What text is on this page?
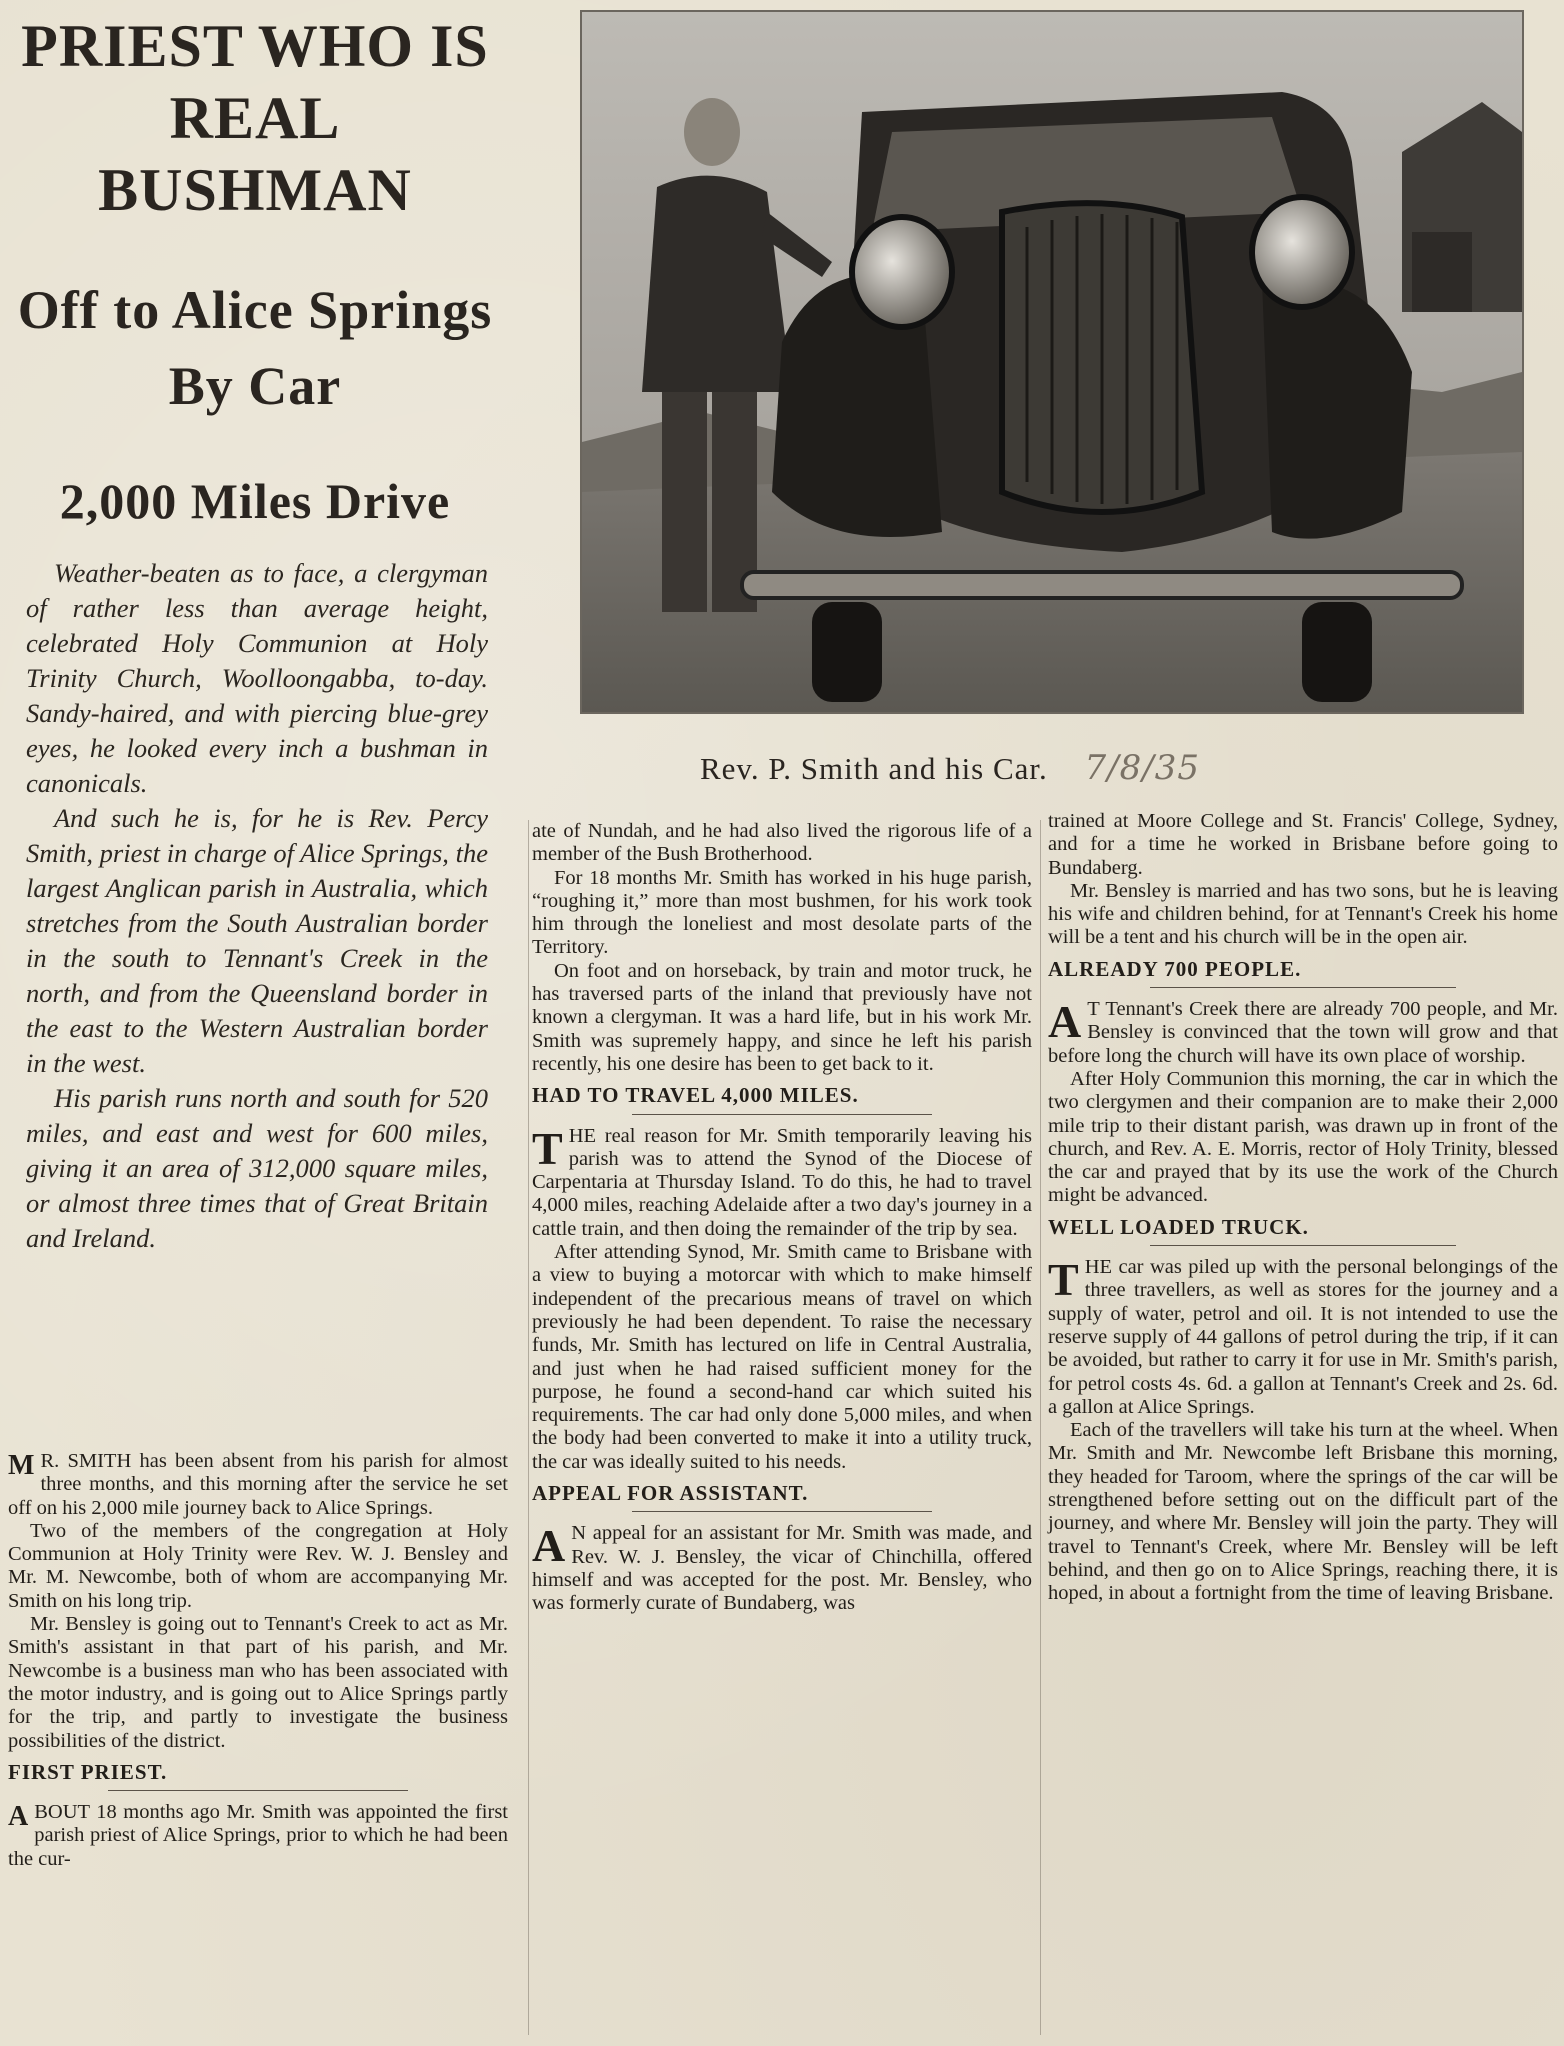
PRIEST WHO IS REAL BUSHMAN
Off to Alice Springs By Car
2,000 Miles Drive

Weather-beaten as to face, a clergyman of rather less than average height, celebrated Holy Communion at Holy Trinity Church, Woolloongabba, to-day. Sandy-haired, and with piercing blue-grey eyes, he looked every inch a bushman in canonicals.

And such he is, for he is Rev. Percy Smith, priest in charge of Alice Springs, the largest Anglican parish in Australia, which stretches from the South Australian border in the south to Tennant's Creek in the north, and from the Queensland border in the east to the Western Australian border in the west.

His parish runs north and south for 520 miles, and east and west for 600 miles, giving it an area of 312,000 square miles, or almost three times that of Great Britain and Ireland.

Rev. P. Smith and his Car. 7/8/35

M R. SMITH has been absent from his parish for almost three months, and this morning after the service he set off on his 2,000 mile journey back to Alice Springs.

Two of the members of the congregation at Holy Communion at Holy Trinity were Rev. W. J. Bensley and Mr. M. Newcombe, both of whom are accompanying Mr. Smith on his long trip.

Mr. Bensley is going out to Tennant's Creek to act as Mr. Smith's assistant in that part of his parish, and Mr. Newcombe is a business man who has been associated with the motor industry, and is going out to Alice Springs partly for the trip, and partly to investigate the business possibilities of the district.

FIRST PRIEST.

A BOUT 18 months ago Mr. Smith was appointed the first parish priest of Alice Springs, prior to which he had been the cur-

ate of Nundah, and he had also lived the rigorous life of a member of the Bush Brotherhood.

For 18 months Mr. Smith has worked in his huge parish, “roughing it,” more than most bushmen, for his work took him through the loneliest and most desolate parts of the Territory.

On foot and on horseback, by train and motor truck, he has traversed parts of the inland that previously have not known a clergyman. It was a hard life, but in his work Mr. Smith was supremely happy, and since he left his parish recently, his one desire has been to get back to it.

HAD TO TRAVEL 4,000 MILES.

THE real reason for Mr. Smith temporarily leaving his parish was to attend the Synod of the Diocese of Carpentaria at Thursday Island. To do this, he had to travel 4,000 miles, reaching Adelaide after a two day's journey in a cattle train, and then doing the remainder of the trip by sea.

After attending Synod, Mr. Smith came to Brisbane with a view to buying a motorcar with which to make himself independent of the precarious means of travel on which previously he had been dependent. To raise the necessary funds, Mr. Smith has lectured on life in Central Australia, and just when he had raised sufficient money for the purpose, he found a second-hand car which suited his requirements. The car had only done 5,000 miles, and when the body had been converted to make it into a utility truck, the car was ideally suited to his needs.

APPEAL FOR ASSISTANT.

A N appeal for an assistant for Mr. Smith was made, and Rev. W. J. Bensley, the vicar of Chinchilla, offered himself and was accepted for the post. Mr. Bensley, who was formerly curate of Bundaberg, was

trained at Moore College and St. Francis' College, Sydney, and for a time he worked in Brisbane before going to Bundaberg.

Mr. Bensley is married and has two sons, but he is leaving his wife and children behind, for at Tennant's Creek his home will be a tent and his church will be in the open air.

ALREADY 700 PEOPLE.

A T Tennant's Creek there are already 700 people, and Mr. Bensley is convinced that the town will grow and that before long the church will have its own place of worship.

After Holy Communion this morning, the car in which the two clergymen and their companion are to make their 2,000 mile trip to their distant parish, was drawn up in front of the church, and Rev. A. E. Morris, rector of Holy Trinity, blessed the car and prayed that by its use the work of the Church might be advanced.

WELL LOADED TRUCK.

THE car was piled up with the personal belongings of the three travellers, as well as stores for the journey and a supply of water, petrol and oil. It is not intended to use the reserve supply of 44 gallons of petrol during the trip, if it can be avoided, but rather to carry it for use in Mr. Smith's parish, for petrol costs 4s. 6d. a gallon at Tennant's Creek and 2s. 6d. a gallon at Alice Springs.

Each of the travellers will take his turn at the wheel. When Mr. Smith and Mr. Newcombe left Brisbane this morning, they headed for Taroom, where the springs of the car will be strengthened before setting out on the difficult part of the journey, and where Mr. Bensley will join the party. They will travel to Tennant's Creek, where Mr. Bensley will be left behind, and then go on to Alice Springs, reaching there, it is hoped, in about a fortnight from the time of leaving Brisbane.
